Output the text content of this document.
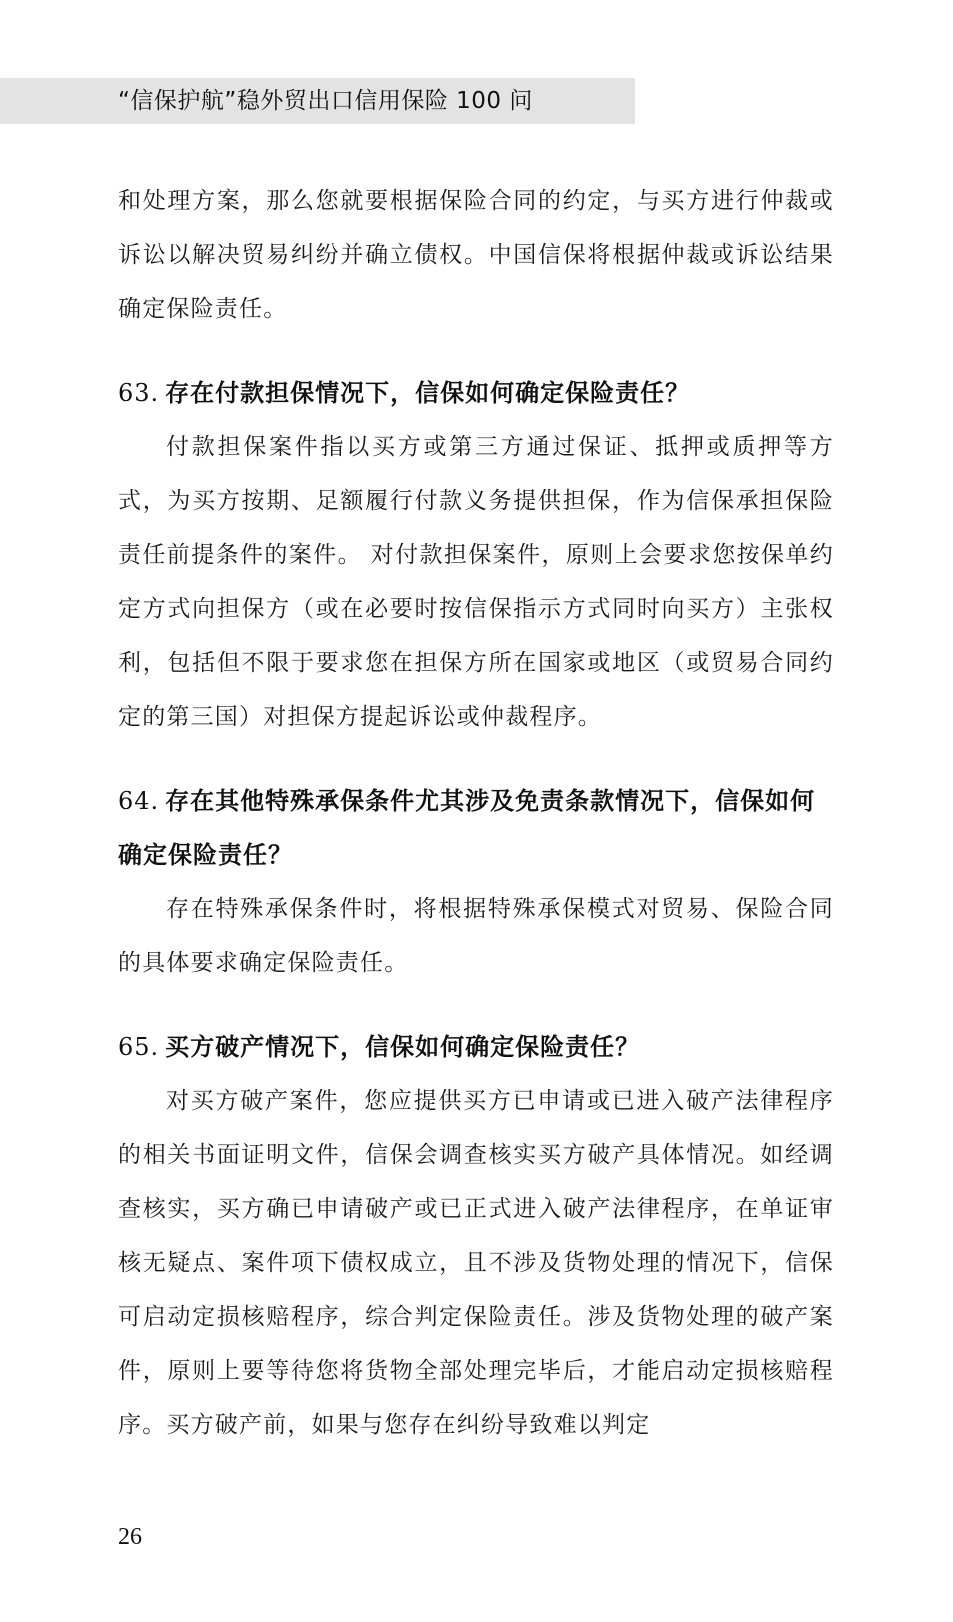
“信保护航”稳外贸出口信用保险 100 问

和处理方案，那么您就要根据保险合同的约定，与买方进行仲裁或诉讼以解决贸易纠纷并确立债权。中国信保将根据仲裁或诉讼结果确定保险责任。

63. 存在付款担保情况下，信保如何确定保险责任？

付款担保案件指以买方或第三方通过保证、抵押或质押等方式，为买方按期、足额履行付款义务提供担保，作为信保承担保险责任前提条件的案件。 对付款担保案件，原则上会要求您按保单约定方式向担保方（或在必要时按信保指示方式同时向买方）主张权利，包括但不限于要求您在担保方所在国家或地区（或贸易合同约定的第三国）对担保方提起诉讼或仲裁程序。

64. 存在其他特殊承保条件尤其涉及免责条款情况下，信保如何确定保险责任？

存在特殊承保条件时，将根据特殊承保模式对贸易、保险合同的具体要求确定保险责任。

65. 买方破产情况下，信保如何确定保险责任？

对买方破产案件，您应提供买方已申请或已进入破产法律程序的相关书面证明文件，信保会调查核实买方破产具体情况。如经调查核实，买方确已申请破产或已正式进入破产法律程序，在单证审核无疑点、案件项下债权成立，且不涉及货物处理的情况下，信保可启动定损核赔程序，综合判定保险责任。涉及货物处理的破产案件，原则上要等待您将货物全部处理完毕后，才能启动定损核赔程序。买方破产前，如果与您存在纠纷导致难以判定

26
